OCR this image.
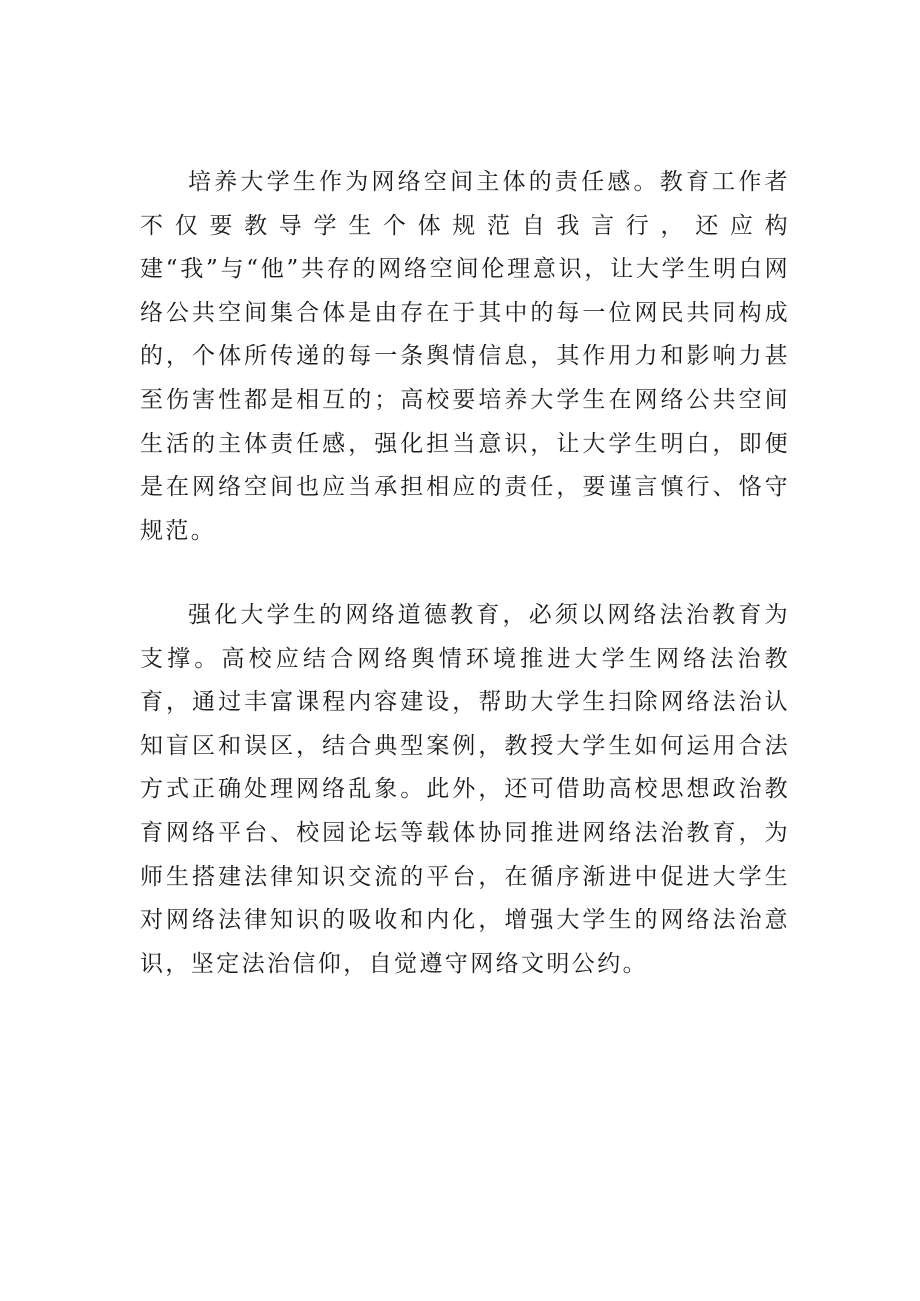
培养大学生作为网络空间主体的责任感。教育工作者不仅要教导学生个体规范自我言行，还应构建“我”与“他”共存的网络空间伦理意识，让大学生明白网络公共空间集合体是由存在于其中的每一位网民共同构成的，个体所传递的每一条舆情信息，其作用力和影响力甚至伤害性都是相互的；高校要培养大学生在网络公共空间生活的主体责任感，强化担当意识，让大学生明白，即便是在网络空间也应当承担相应的责任，要谨言慎行、恪守规范。

强化大学生的网络道德教育，必须以网络法治教育为支撑。高校应结合网络舆情环境推进大学生网络法治教育，通过丰富课程内容建设，帮助大学生扫除网络法治认知盲区和误区，结合典型案例，教授大学生如何运用合法方式正确处理网络乱象。此外，还可借助高校思想政治教育网络平台、校园论坛等载体协同推进网络法治教育，为师生搭建法律知识交流的平台，在循序渐进中促进大学生对网络法律知识的吸收和内化，增强大学生的网络法治意识，坚定法治信仰，自觉遵守网络文明公约。
